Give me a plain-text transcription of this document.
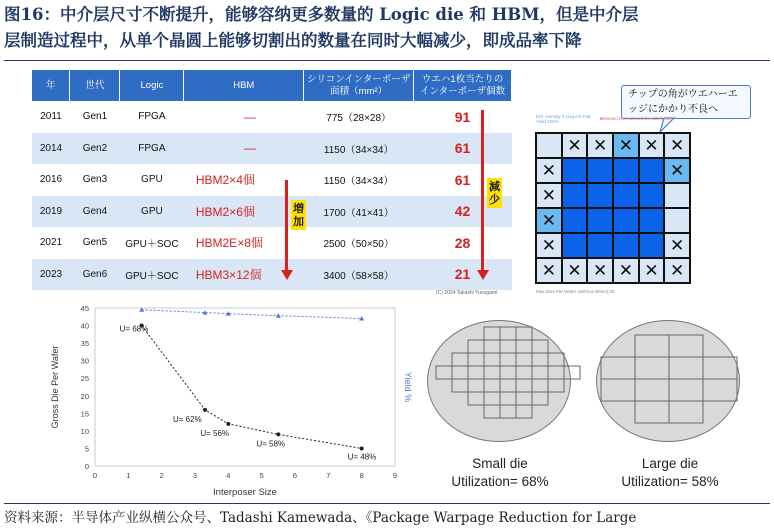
图16：中介层尺寸不断提升，能够容纳更多数量的 Logic die 和 HBM，但是中介层
层制造过程中，从单个晶圆上能够切割出的数量在同时大幅减少，即成品率下降
年	世代	Logic	HBM	シリコンインターポーザ
面積（mm²）	ウエハ1枚当たりの
インターポーザ個数
2011	Gen1	FPGA	—	775（28×28）	91
2014	Gen2	FPGA	—	1150（34×34）	61
2016	Gen3	GPU	HBM2×4個	1150（34×34）	61
2019	Gen4	GPU	HBM2×6個	1700（41×41）	42
2021	Gen5	GPU＋SOC	HBM2E×8個	2500（50×50）	28
2023	Gen6	GPU＋SOC	HBM3×12個	3400（58×58）	21
増加
減少
(C) 2024 Takashi Yunogami
チップの角がウエハーエッジにかかり不良へ
Def. Density 0.1/sq.cm Fab. Yield 100%
■Wasted Dies ■Good Die ■Defective
✕ ✕ ✕ ✕ ✕
✕	✕
✕
✕
✕	✕
✕ ✕ ✕ ✕ ✕ ✕
Max Dies Per Wafer (without defect):40
0
5
10
15
20
25
30
35
40
45
0	1	2	3	4	5	6	7	8	9
Interposer Size
Gross Die Per Wafer	Yield %
U= 68%
U= 62%
U= 56%
U= 58%
U= 48%	Small die
Utilization= 68%
Large die
Utilization= 58%
资料来源：半导体产业纵横公众号、Tadashi Kamewada、《Package Warpage Reduction for Large
